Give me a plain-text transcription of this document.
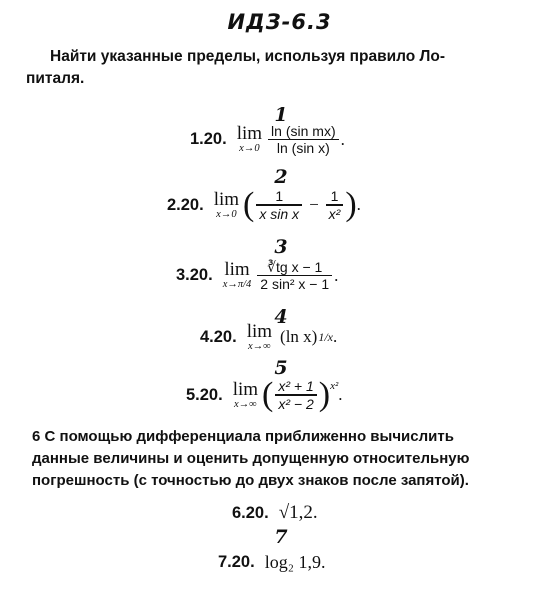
ИДЗ-6.3
Найти указанные пределы, используя правило Ло-
питаля.
1
1.20. lim
$x\to 0 \frac{\text{ln (sin mx)}}{\text{ln (sin x)}}$ .
2
2.20. lim
x→0 ( $\frac{1}{\text{x sin x}} - \frac{1}{\text{x²}}$ ) .
3
3.20. lim
$x\to\pi/4 \frac{\text{∛tg x − 1}}{\text{2 sin² x − 1}}$ .
4
4.20. lim
x→∞
(ln x) 1/x .
5
5.20. lim
x→∞ ( $\frac{\text{x² + 1}}{\text{x² − 2}} )^{x^2}$ .
6 С помощью дифференциала приближенно вычислить
данные величины и оценить допущенную относительную
погрешность (с точностью до двух знаков после запятой).
6.20. √1,2.
7
7.20. log₂ 1,9.
